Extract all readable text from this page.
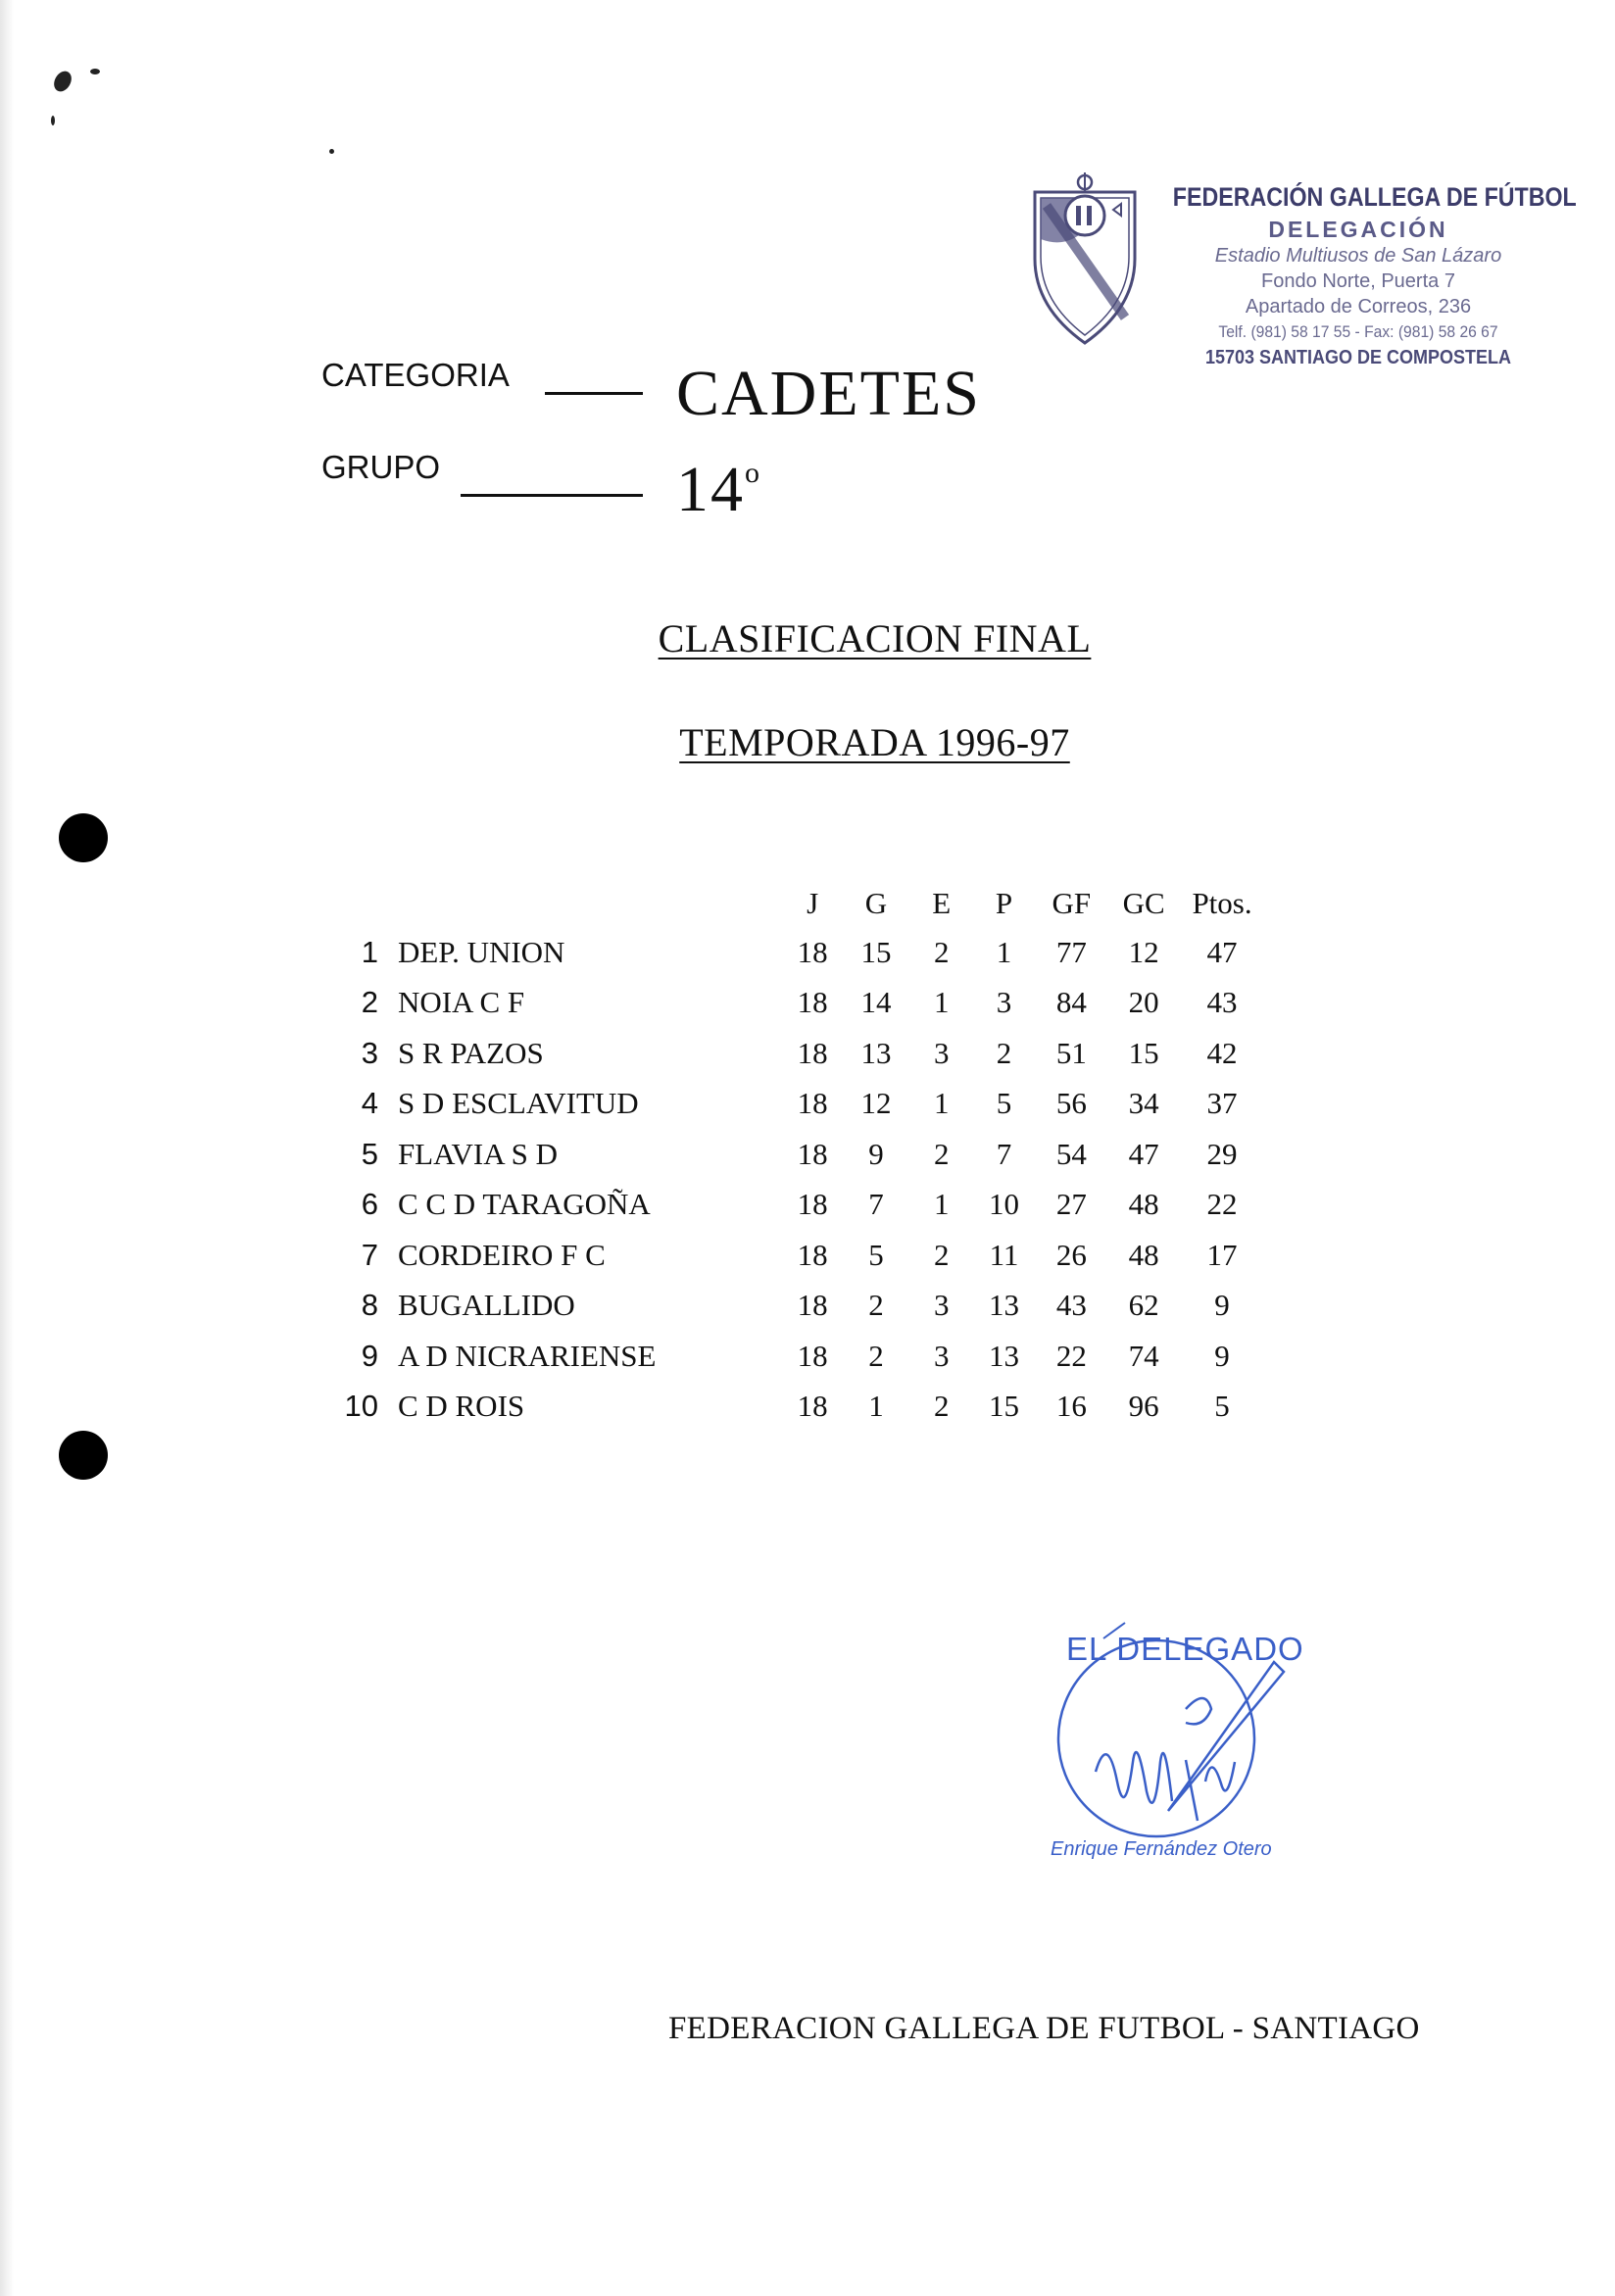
FEDERACIÓN GALLEGA DE FÚTBOL
DELEGACIÓN
Estadio Multiusos de San Lázaro
Fondo Norte, Puerta 7
Apartado de Correos, 236
Telf. (981) 58 17 55 - Fax: (981) 58 26 67
15703 SANTIAGO DE COMPOSTELA
CATEGORIA	CADETES
GRUPO	14$^o$
CLASIFICACION FINAL
TEMPORADA 1996-97
		J	G	E	P	GF	GC	Ptos.
1	DEP. UNION	18	15	2	1	77	12	47
2	NOIA C F	18	14	1	3	84	20	43
3	S R PAZOS	18	13	3	2	51	15	42
4	S D ESCLAVITUD	18	12	1	5	56	34	37
5	FLAVIA S D	18	9	2	7	54	47	29
6	C C D TARAGOÑA	18	7	1	10	27	48	22
7	CORDEIRO F C	18	5	2	11	26	48	17
8	BUGALLIDO	18	2	3	13	43	62	9
9	A D NICRARIENSE	18	2	3	13	22	74	9
10	C D ROIS	18	1	2	15	16	96	5
EL DELEGADO
Enrique Fernández Otero
FEDERACION GALLEGA DE FUTBOL - SANTIAGO
